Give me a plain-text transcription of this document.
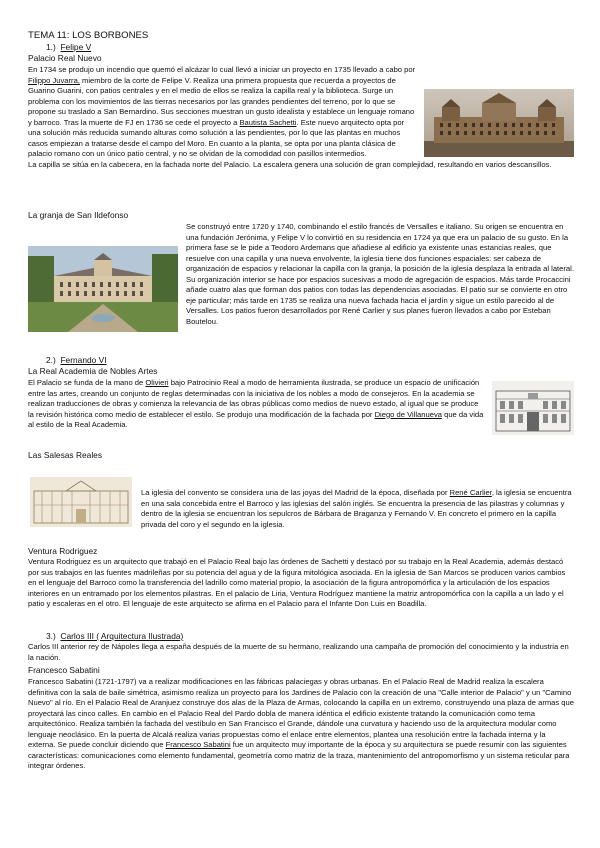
TEMA 11: LOS BORBONES
1.) Felipe V
Palacio Real Nuevo
En 1734 se produjo un incendio que quemó el alcázar lo cual llevó a iniciar un proyecto en 1735 llevado a cabo por Filippo Juvarra, miembro de la corte de Felipe V. Realiza una primera propuesta que recuerda a proyectos de Guarino Guarini, con patios centrales y en el medio de ellos se realiza la capilla real y la biblioteca. Surge un problema con los movimientos de las tierras necesarios por las grandes pendientes del terreno, por lo que se propone su traslado a San Bernardino. Sus secciones muestran un gusto idealista y establece un lenguaje romano y barroco. Tras la muerte de FJ en 1736 se cede el proyecto a Bautista Sachetti. Este nuevo arquitecto opta por una solución más reducida sumando alturas como solución a las pendientes, por lo que las plantas en muchos casos empiezan a tratarse desde el campo del Moro. En cuanto a la planta, se opta por una planta clásica de palacio romano con un único patio central, y no se olvidan de la comodidad con pasillos intermedios.
La capilla se sitúa en la cabecera, en la fachada norte del Palacio. La escalera genera una solución de gran complejidad, resultando en varios descansillos.
La granja de San Ildefonso
Se construyó entre 1720 y 1740, combinando el estilo francés de Versalles e italiano. Su origen se encuentra en una fundación Jerónima, y Felipe V lo convirtió en su residencia en 1724 ya que era un palacio de su gusto. En la primera fase se le pide a Teodoro Ardemans que añadiese al edificio ya existente unas estancias reales, que resuelve con una capilla y una nueva envolvente, la iglesia tiene dos funciones espaciales: ser cabeza de organización de espacios y relacionar la capilla con la granja, la posición de la iglesia desplaza la entrada al lateral. Su organización interior se hace por espacios sucesivas a modo de agregación de espacios. Más tarde Procaccini añade cuatro alas que forman dos patios con todas las dependencias asociadas. El patio sur se convierte en otro eje particular; más tarde en 1735 se realiza una nueva fachada hacia el jardín y sigue un estilo parecido al de Versalles. Los patios fueron desarrollados por René Carlier y sus planes fueron llevados a cabo por Esteban Boutelou.
2.) Fernando VI
La Real Academia de Nobles Artes
El Palacio se funda de la mano de Olivieri bajo Patrocinio Real a modo de herramienta ilustrada, se produce un espacio de unificación entre las artes, creando un conjunto de reglas determinadas con la iniciativa de los nobles a modo de consejeros. En la academia se realizan traducciones de obras y comienza la relevancia de las obras públicas como medios de nuevo estado, al igual que se produce la revisión histórica como medio de establecer el estilo. Se produjo una modificación de la fachada por Diego de Villanueva que da vida al estilo de la Real Academia.
Las Salesas Reales
La iglesia del convento se considera una de las joyas del Madrid de la época, diseñada por René Carlier, la iglesia se encuentra en una sala concebida entre el Barroco y las iglesias del salón inglés. Se encuentra la presencia de las pilastras y columnas y dentro de la iglesia se encuentran los sepulcros de Bárbara de Braganza y Fernando V. En concreto el primero en la capilla privada del coro y el segundo en la iglesia.
Ventura Rodriguez
Ventura Rodriguez es un arquitecto que trabajó en el Palacio Real bajo las órdenes de Sachetti y destacó por su trabajo en la Real Academia, además destacó por sus trabajos en las fuentes madrileñas por su potencia del agua y de la figura mitológica asociada. En la iglesia de San Marcos se producen varios cambios en el lenguaje del Barroco como la transferencia del ladrillo como material propio, la asociación de la figura antropomórfica y la articulación de los espacios interiores en un entramado por los elementos pilastras. En el palacio de Liria, Ventura Rodríguez mantiene la matriz antropomórfica con la capilla a un lado y el patio y escaleras en el otro. El lenguaje de este arquitecto se afirma en el Palacio para el Infante Don Luis en Boadilla.
3.) Carlos III ( Arquitectura Ilustrada)
Carlos III anterior rey de Nápoles llega a españa después de la muerte de su hermano, realizando una campaña de promoción del conocimiento y la industria en la nación.
Francesco Sabatini
Francesco Sabatini (1721-1797) va a realizar modificaciones en las fábricas palaciegas y obras urbanas. En el Palacio Real de Madrid realiza la escalera definitiva con la sala de baile simétrica, asimismo realiza un proyecto para los Jardines de Palacio con la creación de una "Calle interior de Palacio" y un "Camino Nuevo" al río. En el Palacio Real de Aranjuez construye dos alas de la Plaza de Armas, colocando la capilla en un extremo, construyendo una plaza de armas que proyectará las cinco calles. En cambio en el Palacio Real del Pardo dobla de manera idéntica el edificio existente tratando la comunicación como tema arquitectónico. Realiza también la fachada del vestíbulo en San Francisco el Grande, dándole una curvatura y haciendo uso de la arquitectura modular como lenguaje neoclásico. En la puerta de Alcalá realiza varias propuestas como el enlace entre elementos, plantea una resolución entre la fachada interna y la externa. Se puede concluir diciendo que Francesco Sabatini fue un arquitecto muy importante de la época y su arquitectura se puede resumir con las siguientes características: comunicaciones como elemento fundamental, geometría como matriz de la traza, mantenimiento del antropomorfismo y un sistema reticular para integrar órdenes.
